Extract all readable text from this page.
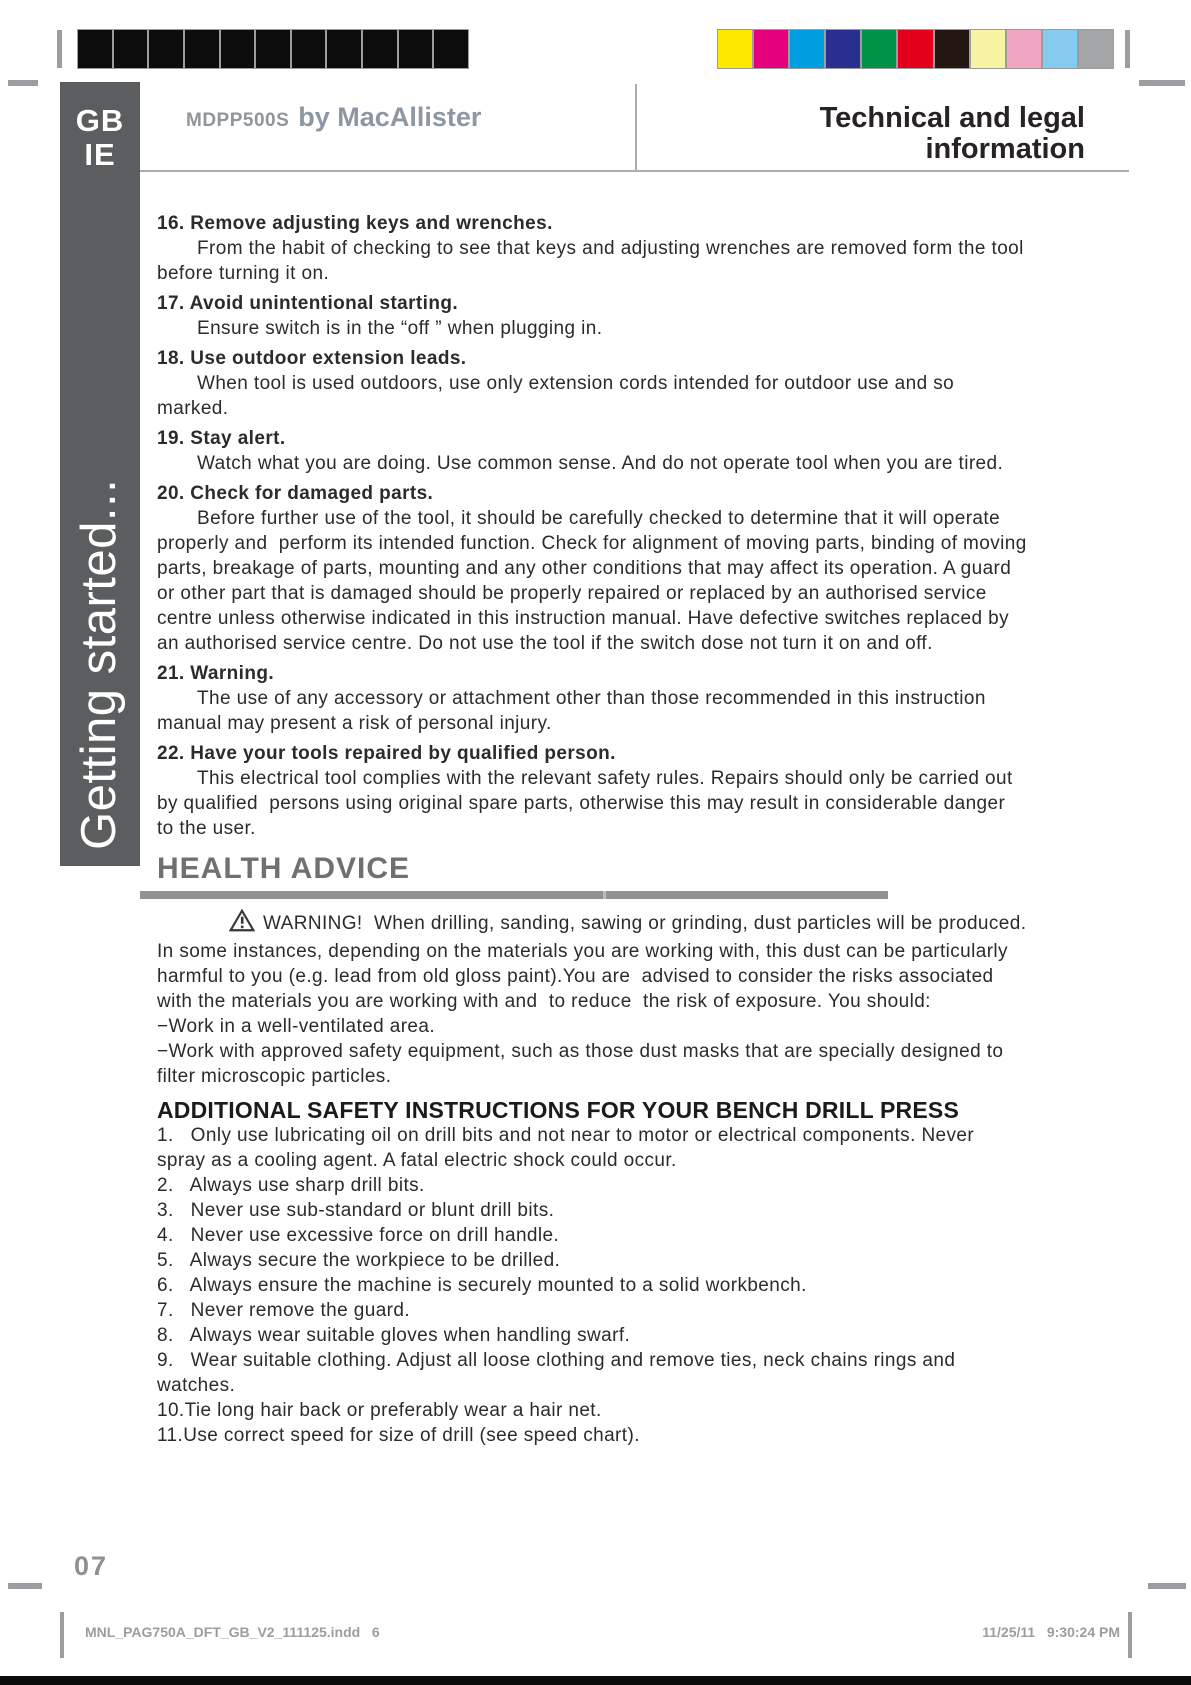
GB
IE
Getting started...
MDPP500S by MacAllister	Technical and legal
information

16. Remove adjusting keys and wrenches.

From the habit of checking to see that keys and adjusting wrenches are removed form the tool before turning it on.

17. Avoid unintentional starting.

Ensure switch is in the “off ” when plugging in.

18. Use outdoor extension leads.

When tool is used outdoors, use only extension cords intended for outdoor use and so marked.

19. Stay alert.

Watch what you are doing. Use common sense. And do not operate tool when you are tired.

20. Check for damaged parts.

Before further use of the tool, it should be carefully checked to determine that it will operate properly and  perform its intended function. Check for alignment of moving parts, binding of moving parts, breakage of parts, mounting and any other conditions that may affect its operation. A guard or other part that is damaged should be properly repaired or replaced by an authorised service centre unless otherwise indicated in this instruction manual. Have defective switches replaced by  an authorised service centre. Do not use the tool if the switch dose not turn it on and off.

21. Warning.

The use of any accessory or attachment other than those recommended in this instruction manual may present a risk of personal injury.

22. Have your tools repaired by qualified person.

This electrical tool complies with the relevant safety rules. Repairs should only be carried out by qualified  persons using original spare parts, otherwise this may result in considerable danger to the user.

HEALTH ADVICE

WARNING!  When drilling, sanding, sawing or grinding, dust particles will be produced. In some instances, depending on the materials you are working with, this dust can be particularly harmful to you (e.g. lead from old gloss paint).You are  advised to consider the risks associated with the materials you are working with and  to reduce  the risk of exposure. You should:

−Work in a well-ventilated area.

−Work with approved safety equipment, such as those dust masks that are specially designed to filter microscopic particles.

ADDITIONAL SAFETY INSTRUCTIONS FOR YOUR BENCH DRILL PRESS

1.   Only use lubricating oil on drill bits and not near to motor or electrical components. Never spray as a cooling agent. A fatal electric shock could occur.

2.   Always use sharp drill bits.

3.   Never use sub-standard or blunt drill bits.

4.   Never use excessive force on drill handle.

5.   Always secure the workpiece to be drilled.

6.   Always ensure the machine is securely mounted to a solid workbench.

7.   Never remove the guard.

8.   Always wear suitable gloves when handling swarf.

9.   Wear suitable clothing. Adjust all loose clothing and remove ties, neck chains rings and watches.

10.Tie long hair back or preferably wear a hair net.

11.Use correct speed for size of drill (see speed chart).

07
MNL_PAG750A_DFT_GB_V2_111125.indd   6	11/25/11   9:30:24 PM
